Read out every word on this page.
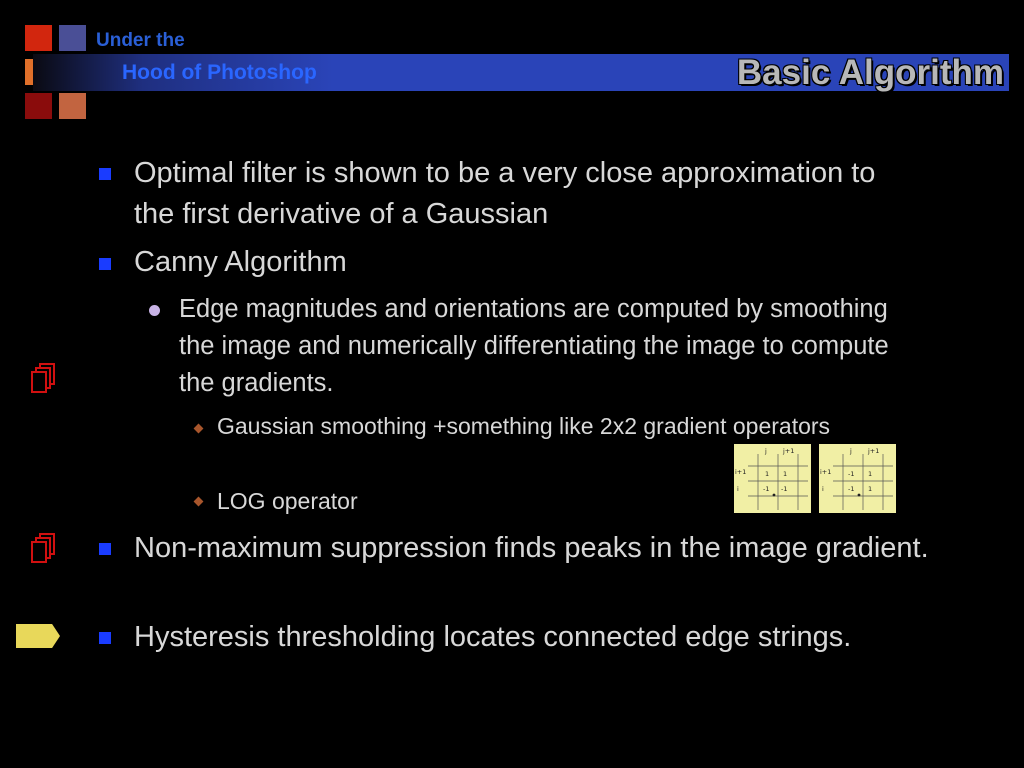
Under the
Hood of Photoshop	Basic Algorithm
Optimal filter is shown to be a very close approximation to the first derivative of a Gaussian
Canny Algorithm
Edge magnitudes and orientations are computed by smoothing the image and numerically differentiating the image to compute the gradients.
Gaussian smoothing +something like 2x2 gradient operators
LOG operator
Non-maximum suppression finds peaks in the image gradient.
Hysteresis thresholding locates connected edge strings.
j j+1
i+1
i
1 1
-1 -1
j j+1
i+1
i
-1 1
-1 1
